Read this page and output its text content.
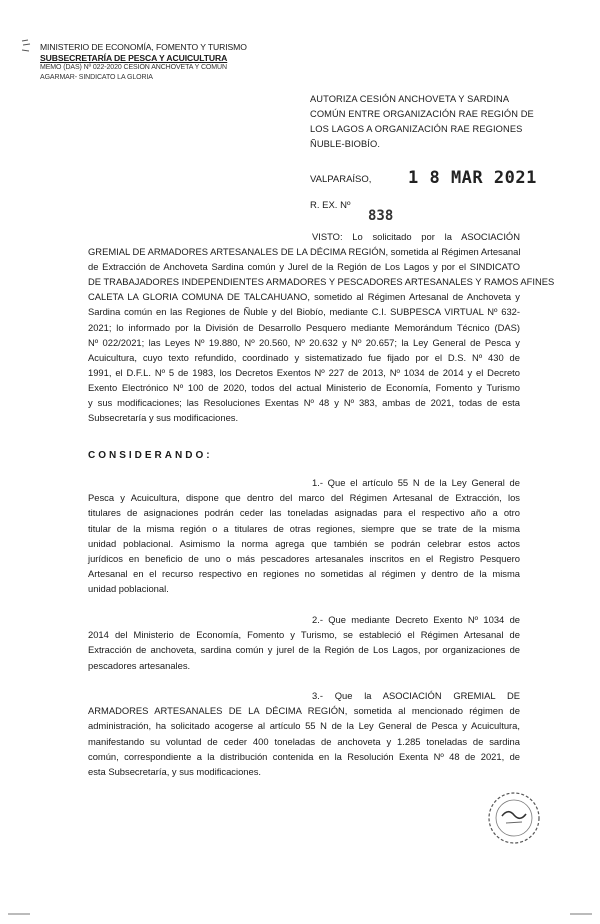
MINISTERIO DE ECONOMÍA, FOMENTO Y TURISMO
SUBSECRETARÍA DE PESCA Y ACUICULTURA
MEMO (DAS) Nº 022-2020 CESIÓN ANCHOVETA Y COMÚN
AGARMAR- SINDICATO LA GLORIA
AUTORIZA CESIÓN ANCHOVETA Y SARDINA
COMÚN ENTRE ORGANIZACIÓN RAE REGIÓN DE
LOS LAGOS A ORGANIZACIÓN RAE REGIONES
ÑUBLE-BIOBÍO.
VALPARAÍSO, 1 8 MAR 2021
R. EX. Nº
838
VISTO: Lo solicitado por la ASOCIACIÓN
GREMIAL DE ARMADORES ARTESANALES DE LA DÉCIMA REGIÓN, sometida al Régimen Artesanal
de Extracción de Anchoveta Sardina común y Jurel de la Región de Los Lagos y por el SINDICATO
DE TRABAJADORES INDEPENDIENTES ARMADORES Y PESCADORES ARTESANALES Y RAMOS AFINES
CALETA LA GLORIA COMUNA DE TALCAHUANO, sometido al Régimen Artesanal de Anchoveta y
Sardina común en las Regiones de Ñuble y del Biobío, mediante C.I. SUBPESCA VIRTUAL Nº 632-
2021; lo informado por la División de Desarrollo Pesquero mediante Memorándum Técnico (DAS)
Nº 022/2021; las Leyes Nº 19.880, Nº 20.560, Nº 20.632 y Nº 20.657; la Ley General de Pesca y
Acuicultura, cuyo texto refundido, coordinado y sistematizado fue fijado por el D.S. Nº 430 de
1991, el D.F.L. Nº 5 de 1983, los Decretos Exentos Nº 227 de 2013, Nº 1034 de 2014 y el Decreto
Exento Electrónico Nº 100 de 2020, todos del actual Ministerio de Economía, Fomento y Turismo
y sus modificaciones; las Resoluciones Exentas Nº 48 y Nº 383, ambas de 2021, todas de esta
Subsecretaría y sus modificaciones.
CONSIDERANDO:
1.- Que el artículo 55 N de la Ley General de
Pesca y Acuicultura, dispone que dentro del marco del Régimen Artesanal de Extracción, los
titulares de asignaciones podrán ceder las toneladas asignadas para el respectivo año a otro
titular de la misma región o a titulares de otras regiones, siempre que se trate de la misma
unidad poblacional. Asimismo la norma agrega que también se podrán celebrar estos actos
jurídicos en beneficio de uno o más pescadores artesanales inscritos en el Registro Pesquero
Artesanal en el recurso respectivo en regiones no sometidas al régimen y dentro de la misma
unidad poblacional.
2.- Que mediante Decreto Exento Nº 1034 de
2014 del Ministerio de Economía, Fomento y Turismo, se estableció el Régimen Artesanal de
Extracción de anchoveta, sardina común y jurel de la Región de Los Lagos, por organizaciones de
pescadores artesanales.
3.- Que la ASOCIACIÓN GREMIAL DE
ARMADORES ARTESANALES DE LA DÉCIMA REGIÓN, sometida al mencionado régimen de
administración, ha solicitado acogerse al artículo 55 N de la Ley General de Pesca y Acuicultura,
manifestando su voluntad de ceder 400 toneladas de anchoveta y 1.285 toneladas de sardina
común, correspondiente a la distribución contenida en la Resolución Exenta Nº 48 de 2021, de
esta Subsecretaría, y sus modificaciones.
